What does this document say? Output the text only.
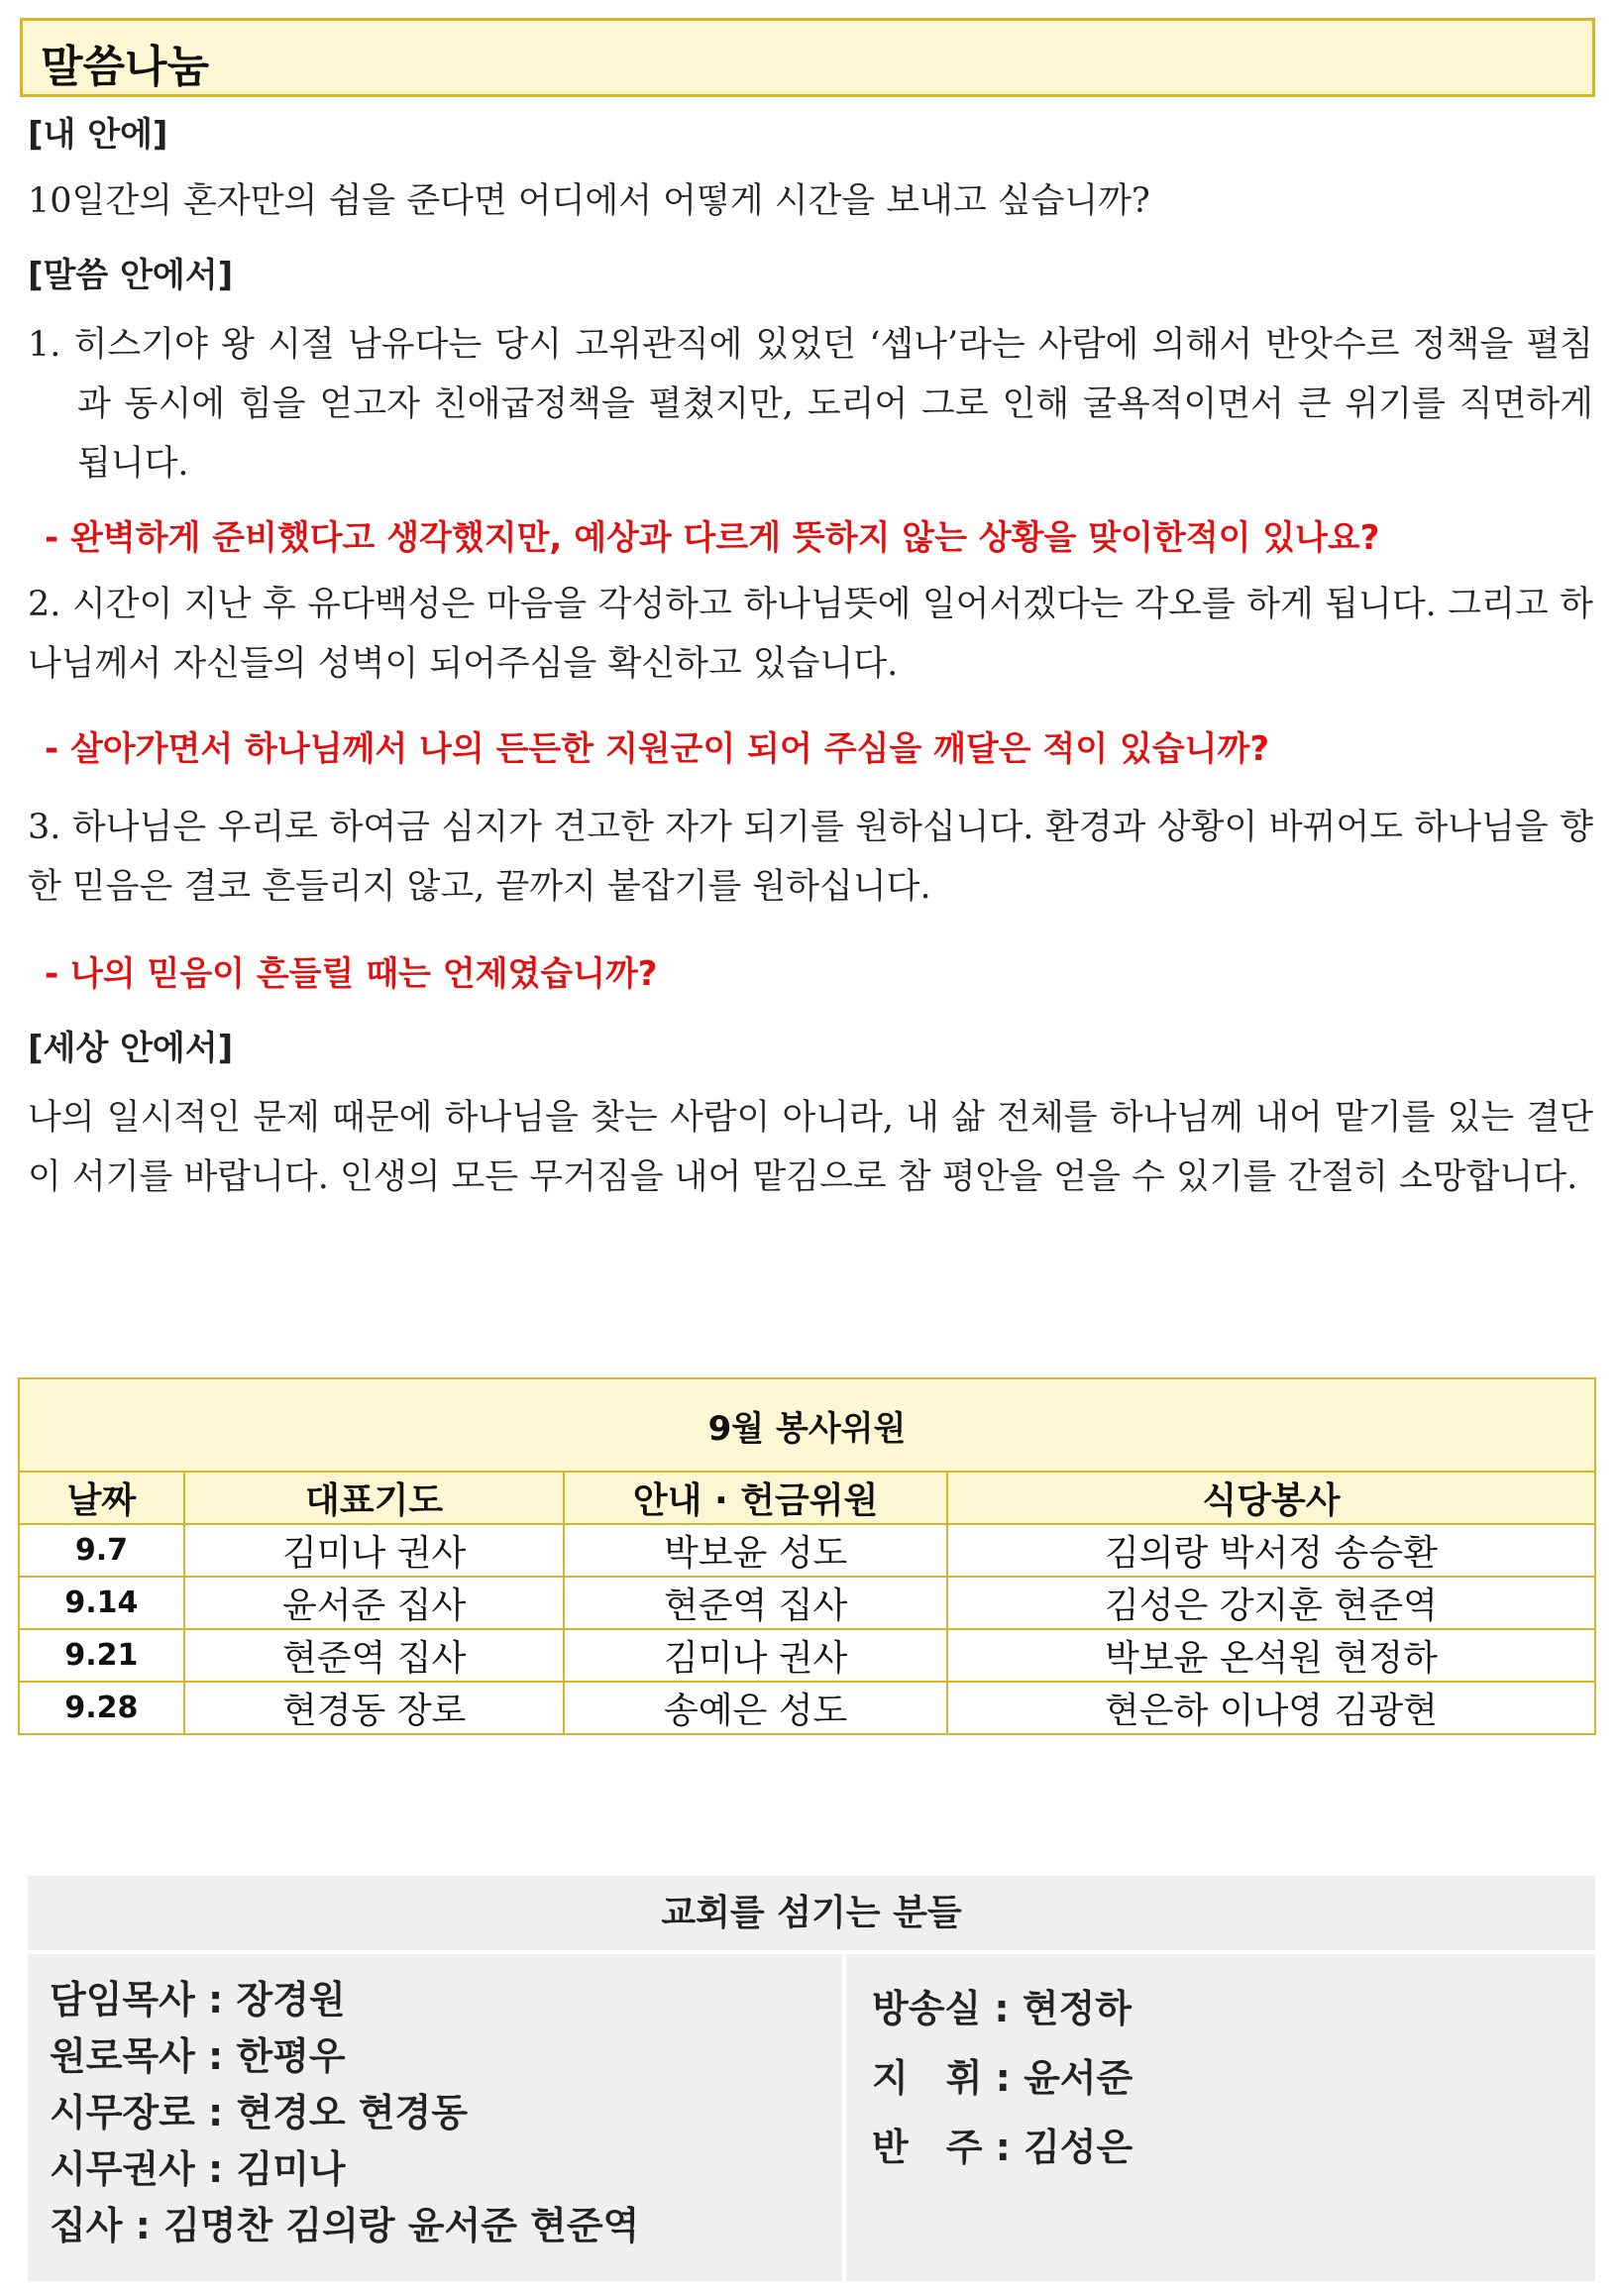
말씀나눔
[내 안에]
10일간의 혼자만의 쉼을 준다면 어디에서 어떻게 시간을 보내고 싶습니까?
[말씀 안에서]
1. 히스기야 왕 시절 남유다는 당시 고위관직에 있었던 ‘셉나’라는 사람에 의해서 반앗수르 정책을 펼침과 동시에 힘을 얻고자 친애굽정책을 펼쳤지만, 도리어 그로 인해 굴욕적이면서 큰 위기를 직면하게 됩니다.
- 완벽하게 준비했다고 생각했지만, 예상과 다르게 뜻하지 않는 상황을 맞이한적이 있나요?
2. 시간이 지난 후 유다백성은 마음을 각성하고 하나님뜻에 일어서겠다는 각오를 하게 됩니다. 그리고 하나님께서 자신들의 성벽이 되어주심을 확신하고 있습니다.
- 살아가면서 하나님께서 나의 든든한 지원군이 되어 주심을 깨달은 적이 있습니까?
3. 하나님은 우리로 하여금 심지가 견고한 자가 되기를 원하십니다. 환경과 상황이 바뀌어도 하나님을 향한 믿음은 결코 흔들리지 않고, 끝까지 붙잡기를 원하십니다.
- 나의 믿음이 흔들릴 때는 언제였습니까?
[세상 안에서]
나의 일시적인 문제 때문에 하나님을 찾는 사람이 아니라, 내 삶 전체를 하나님께 내어 맡기를 있는 결단이 서기를 바랍니다. 인생의 모든 무거짐을 내어 맡김으로 참 평안을 얻을 수 있기를 간절히 소망합니다.
9월 봉사위원			
날짜	대표기도	안내 · 헌금위원	식당봉사
9.7	김미나 권사	박보윤 성도	김의랑 박서정 송승환
9.14	윤서준 집사	현준역 집사	김성은 강지훈 현준역
9.21	현준역 집사	김미나 권사	박보윤 온석원 현정하
9.28	현경동 장로	송예은 성도	현은하 이나영 김광현
교회를 섬기는 분들
담임목사 : 장경원
원로목사 : 한평우
시무장로 : 현경오 현경동
시무권사 : 김미나
집사 : 김명찬 김의랑 윤서준 현준역
방송실 : 현정하
지　휘 : 윤서준
반　주 : 김성은
